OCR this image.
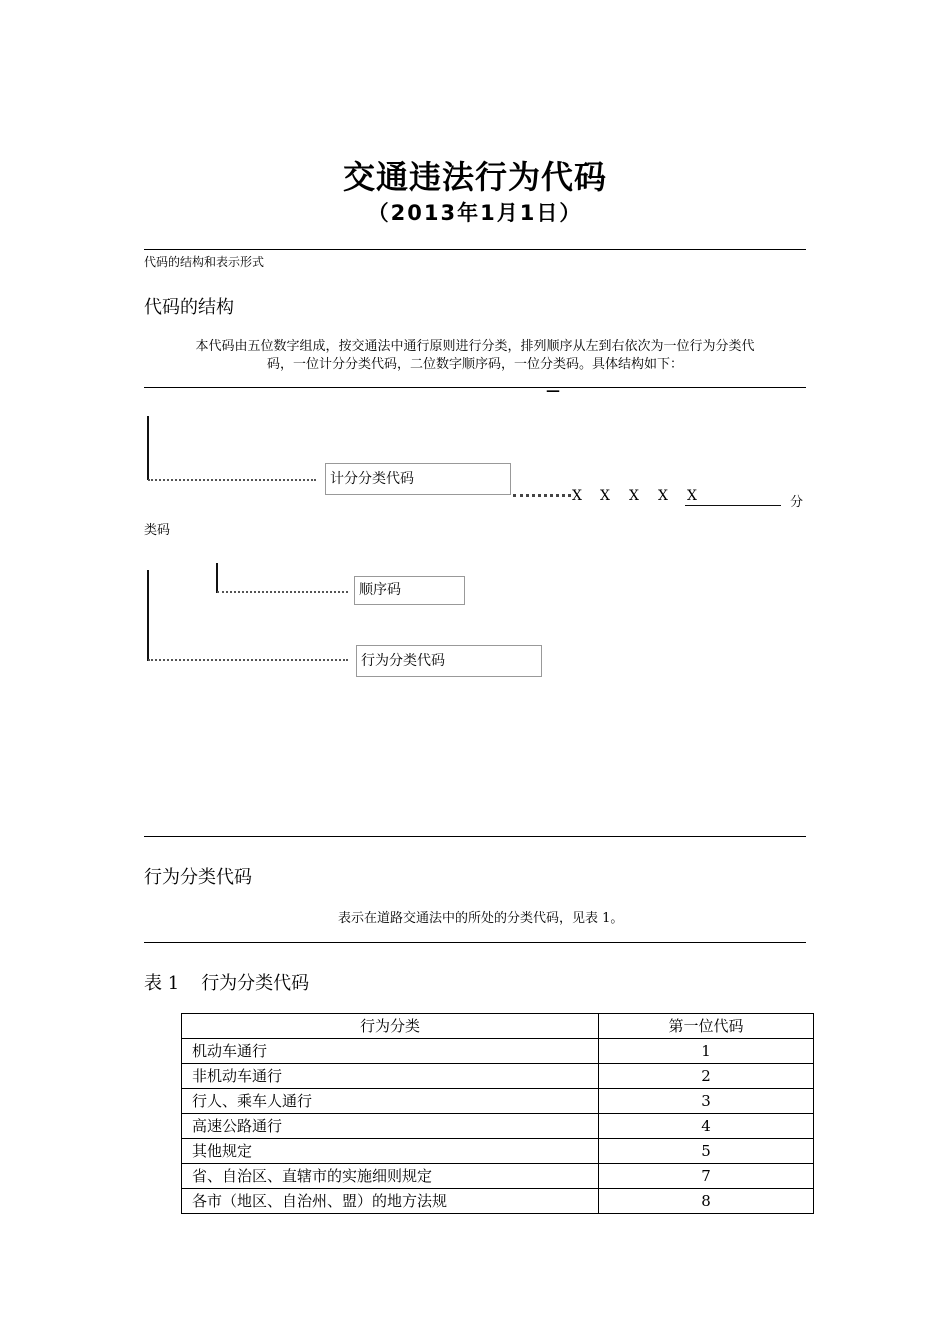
交通违法行为代码
（2013年1月1日）
代码的结构和表示形式
代码的结构
本代码由五位数字组成，按交通法中通行原则进行分类，排列顺序从左到右依次为一位行为分类代
码，一位计分分类代码，二位数字顺序码，一位分类码。具体结构如下：
—
计分分类代码
X X X X X	分
类码
顺序码
行为分类代码
行为分类代码
表示在道路交通法中的所处的分类代码，见表 1。
表 1 行为分类代码
行为分类	第一位代码
机动车通行	1
非机动车通行	2
行人、乘车人通行	3
高速公路通行	4
其他规定	5
省、自治区、直辖市的实施细则规定	7
各市（地区、自治州、盟）的地方法规	8
